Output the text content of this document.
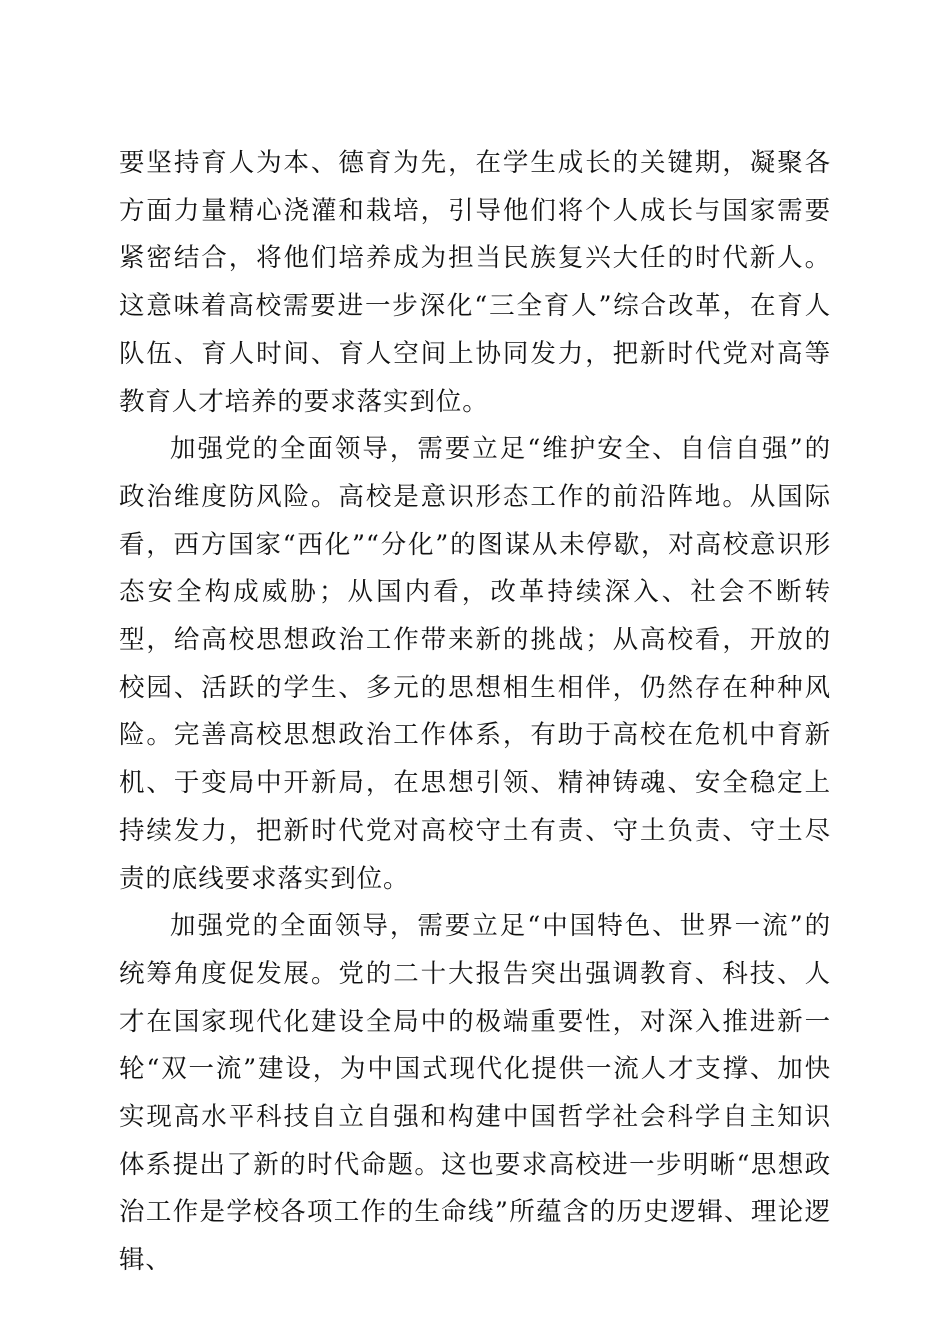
要坚持育人为本、德育为先，在学生成长的关键期，凝聚各方面力量精心浇灌和栽培，引导他们将个人成长与国家需要紧密结合，将他们培养成为担当民族复兴大任的时代新人。这意味着高校需要进一步深化“三全育人”综合改革，在育人队伍、育人时间、育人空间上协同发力，把新时代党对高等教育人才培养的要求落实到位。

加强党的全面领导，需要立足“维护安全、自信自强”的政治维度防风险。高校是意识形态工作的前沿阵地。从国际看，西方国家“西化”“分化”的图谋从未停歇，对高校意识形态安全构成威胁；从国内看，改革持续深入、社会不断转型，给高校思想政治工作带来新的挑战；从高校看，开放的校园、活跃的学生、多元的思想相生相伴，仍然存在种种风险。完善高校思想政治工作体系，有助于高校在危机中育新机、于变局中开新局，在思想引领、精神铸魂、安全稳定上持续发力，把新时代党对高校守土有责、守土负责、守土尽责的底线要求落实到位。

加强党的全面领导，需要立足“中国特色、世界一流”的统筹角度促发展。党的二十大报告突出强调教育、科技、人才在国家现代化建设全局中的极端重要性，对深入推进新一轮“双一流”建设，为中国式现代化提供一流人才支撑、加快实现高水平科技自立自强和构建中国哲学社会科学自主知识体系提出了新的时代命题。这也要求高校进一步明晰“思想政治工作是学校各项工作的生命线”所蕴含的历史逻辑、理论逻辑、
